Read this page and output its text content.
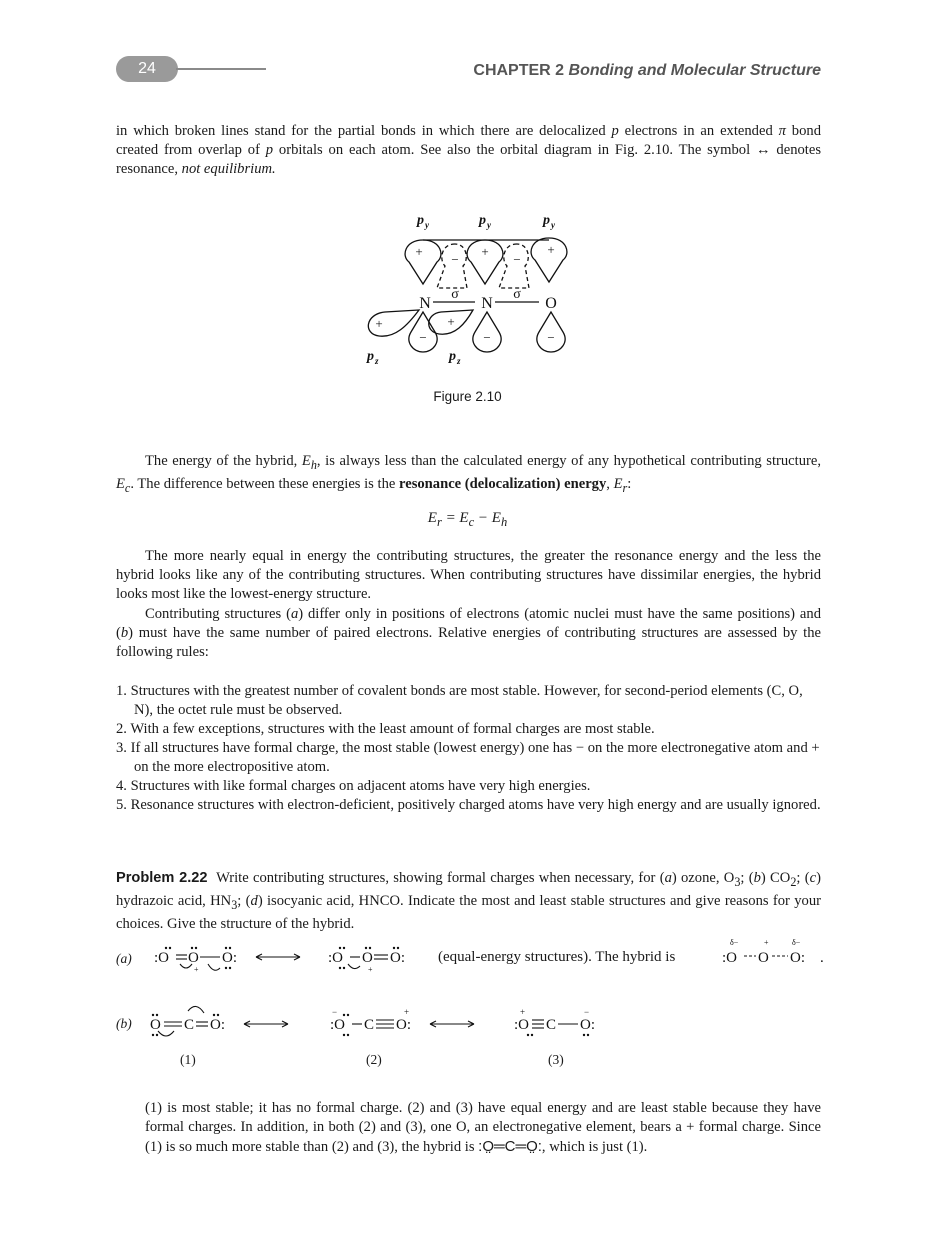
24	CHAPTER 2 Bonding and Molecular Structure

in which broken lines stand for the partial bonds in which there are delocalized p electrons in an extended π bond created from overlap of p orbitals on each atom. See also the orbital diagram in Fig. 2.10. The symbol ↔ denotes resonance, not equilibrium.

p y	p y	p y
+
−
+
−
+
σ	σ
N	N	O
+	+
−	−	−
p z	p z
Figure 2.10

The energy of the hybrid, $E_h$, is always less than the calculated energy of any hypothetical contributing structure, $E_c$. The difference between these energies is the resonance (delocalization) energy, $E_r$:

$E_r = E_c - E_h$

The more nearly equal in energy the contributing structures, the greater the resonance energy and the less the hybrid looks like any of the contributing structures. When contributing structures have dissimilar energies, the hybrid looks most like the lowest-energy structure.

Contributing structures (a) differ only in positions of electrons (atomic nuclei must have the same positions) and (b) must have the same number of paired electrons. Relative energies of contributing structures are assessed by the following rules:

1. Structures with the greatest number of covalent bonds are most stable. However, for second-period elements (C, O, N), the octet rule must be observed.
2. With a few exceptions, structures with the least amount of formal charges are most stable.
3. If all structures have formal charge, the most stable (lowest energy) one has − on the more electronegative atom and + on the more electropositive atom.
4. Structures with like formal charges on adjacent atoms have very high energies.
5. Resonance structures with electron-deficient, positively charged atoms have very high energy and are usually ignored.

Problem 2.22 Write contributing structures, showing formal charges when necessary, for (a) ozone, $O_3$; (b) $CO_2$; (c) hydrazoic acid, $HN_3$; (d) isocyanic acid, HNCO. Indicate the most and least stable structures and give reasons for your choices. Give the structure of the hybrid.

(a) :O O O:
+
:O O O:
+
(equal-energy structures). The hybrid is
δ−	+	δ−
:O O O: .
(b) O C O:	:O C O:	:O C O:
−	+	+	−
(1)	(2)	(3)

(1) is most stable; it has no formal charge. (2) and (3) have equal energy and are least stable because they have formal charges. In addition, in both (2) and (3), one O, an electronegative element, bears a + formal charge. Since (1) is so much more stable than (2) and (3), the hybrid is :O̤═C═O̤:, which is just (1).
